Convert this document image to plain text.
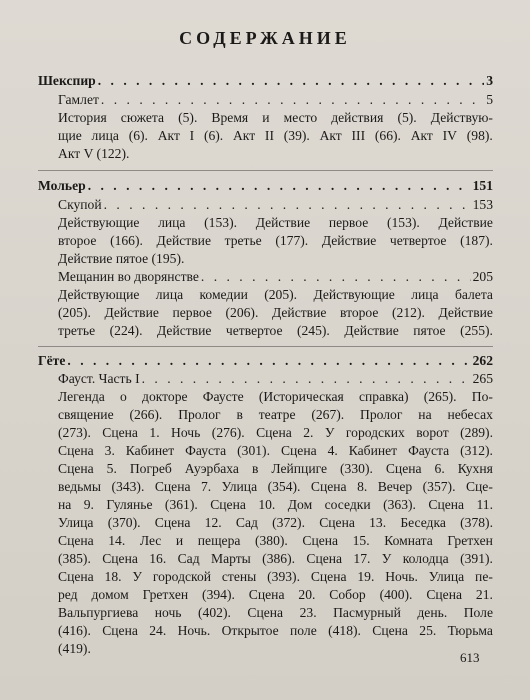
СОДЕРЖАНИЕ
Шекспир . . .	3
Гамлет . . .	5
История сюжета (5). Время и место действия (5). Действую-
щие лица (6). Акт I (6). Акт II (39). Акт III (66). Акт IV (98).
Акт V (122).
Мольер . . .	151
Скупой . . .	153
Действующие лица (153). Действие первое (153). Действие
второе (166). Действие третье (177). Действие четвертое (187).
Действие пятое (195).
Мещанин во дворянстве . . .	205
Действующие лица комедии (205). Действующие лица балета
(205). Действие первое (206). Действие второе (212). Действие
третье (224). Действие четвертое (245). Действие пятое (255).
Гёте . . .	262
Фауст. Часть I . . .	265
Легенда о докторе Фаусте (Историческая справка) (265). По-
священие (266). Пролог в театре (267). Пролог на небесах
(273). Сцена 1. Ночь (276). Сцена 2. У городских ворот (289).
Сцена 3. Кабинет Фауста (301). Сцена 4. Кабинет Фауста (312).
Сцена 5. Погреб Ауэрбаха в Лейпциге (330). Сцена 6. Кухня
ведьмы (343). Сцена 7. Улица (354). Сцена 8. Вечер (357). Сце-
на 9. Гулянье (361). Сцена 10. Дом соседки (363). Сцена 11.
Улица (370). Сцена 12. Сад (372). Сцена 13. Беседка (378).
Сцена 14. Лес и пещера (380). Сцена 15. Комната Гретхен
(385). Сцена 16. Сад Марты (386). Сцена 17. У колодца (391).
Сцена 18. У городской стены (393). Сцена 19. Ночь. Улица пе-
ред домом Гретхен (394). Сцена 20. Собор (400). Сцена 21.
Вальпургиева ночь (402). Сцена 23. Пасмурный день. Поле
(416). Сцена 24. Ночь. Открытое поле (418). Сцена 25. Тюрьма
(419).
613
